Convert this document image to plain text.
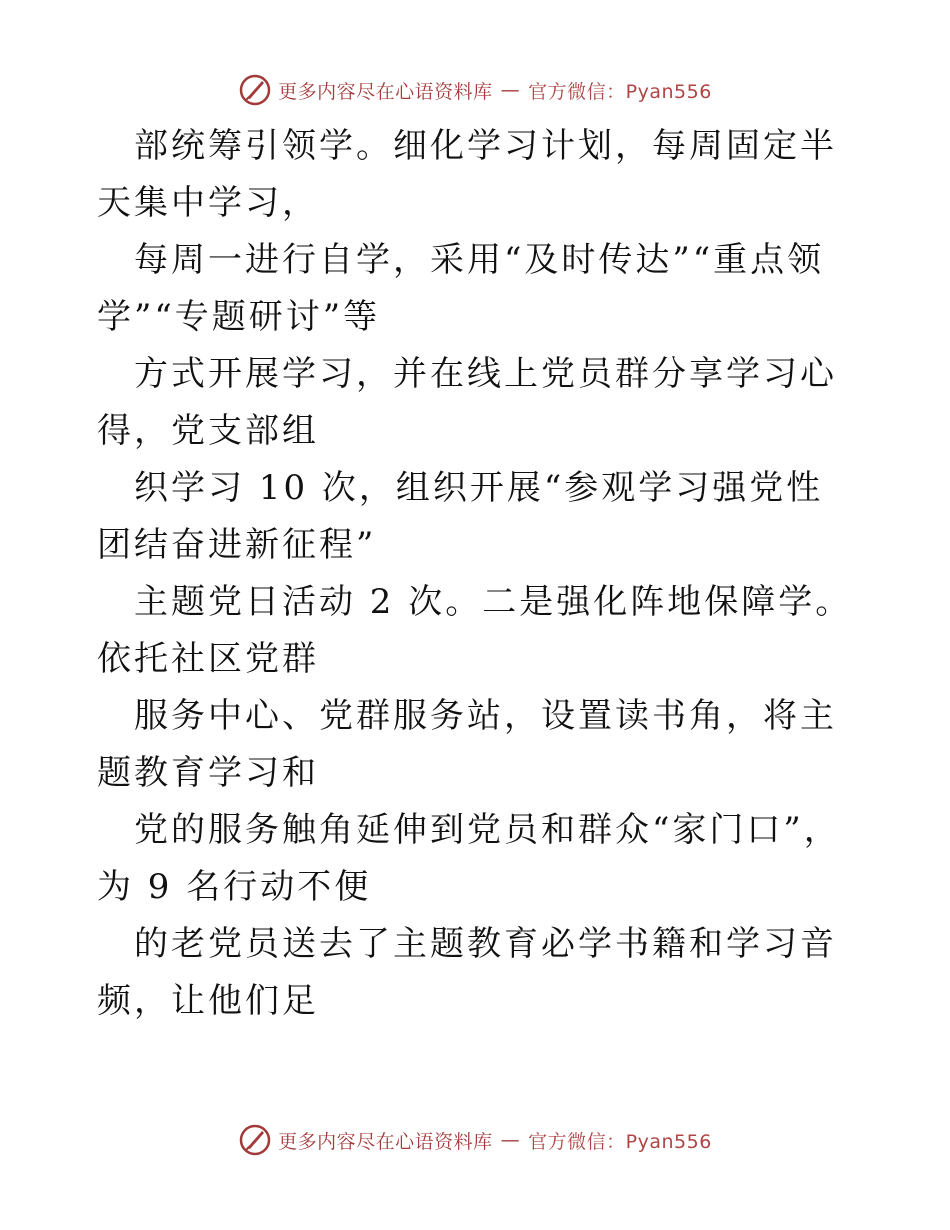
更多内容尽在心语资料库 — 官方微信：Pyan556

部统筹引领学。细化学习计划，每周固定半天集中学习，

每周一进行自学，采用“及时传达”“重点领学”“专题研讨”等

方式开展学习，并在线上党员群分享学习心得，党支部组

织学习 10 次，组织开展“参观学习强党性团结奋进新征程”

主题党日活动 2 次。二是强化阵地保障学。依托社区党群

服务中心、党群服务站，设置读书角，将主题教育学习和

党的服务触角延伸到党员和群众“家门口”，为 9 名行动不便

的老党员送去了主题教育必学书籍和学习音频，让他们足

更多内容尽在心语资料库 — 官方微信：Pyan556
